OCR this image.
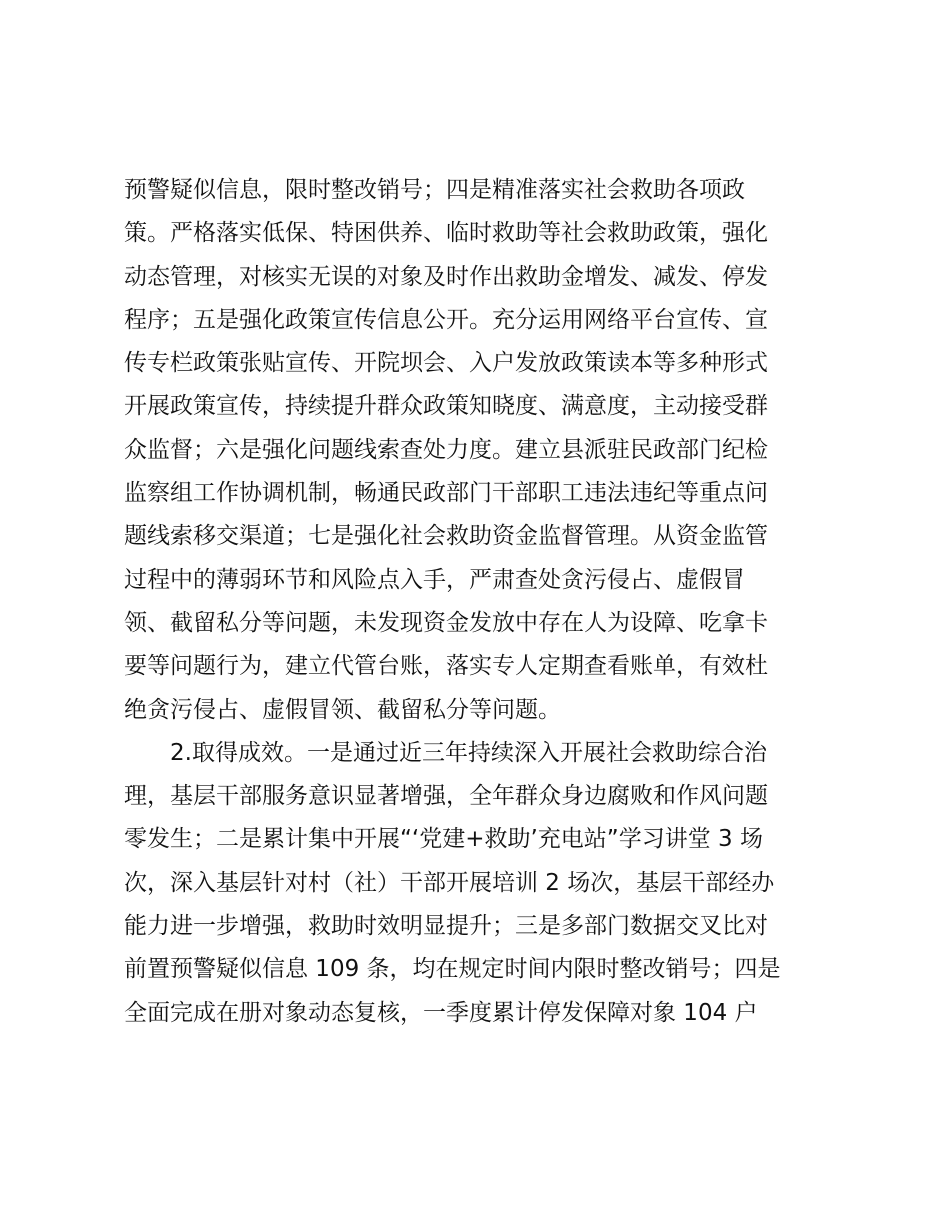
预警疑似信息，限时整改销号；四是精准落实社会救助各项政
策。严格落实低保、特困供养、临时救助等社会救助政策，强化
动态管理，对核实无误的对象及时作出救助金增发、减发、停发
程序；五是强化政策宣传信息公开。充分运用网络平台宣传、宣
传专栏政策张贴宣传、开院坝会、入户发放政策读本等多种形式
开展政策宣传，持续提升群众政策知晓度、满意度，主动接受群
众监督；六是强化问题线索查处力度。建立县派驻民政部门纪检
监察组工作协调机制，畅通民政部门干部职工违法违纪等重点问
题线索移交渠道；七是强化社会救助资金监督管理。从资金监管
过程中的薄弱环节和风险点入手，严肃查处贪污侵占、虚假冒
领、截留私分等问题，未发现资金发放中存在人为设障、吃拿卡
要等问题行为，建立代管台账，落实专人定期查看账单，有效杜
绝贪污侵占、虚假冒领、截留私分等问题。
2.取得成效。一是通过近三年持续深入开展社会救助综合治
理，基层干部服务意识显著增强，全年群众身边腐败和作风问题
零发生；二是累计集中开展“‘党建+救助’充电站”学习讲堂 3 场
次，深入基层针对村（社）干部开展培训 2 场次，基层干部经办
能力进一步增强，救助时效明显提升；三是多部门数据交叉比对
前置预警疑似信息 109 条，均在规定时间内限时整改销号；四是
全面完成在册对象动态复核，一季度累计停发保障对象 104 户
